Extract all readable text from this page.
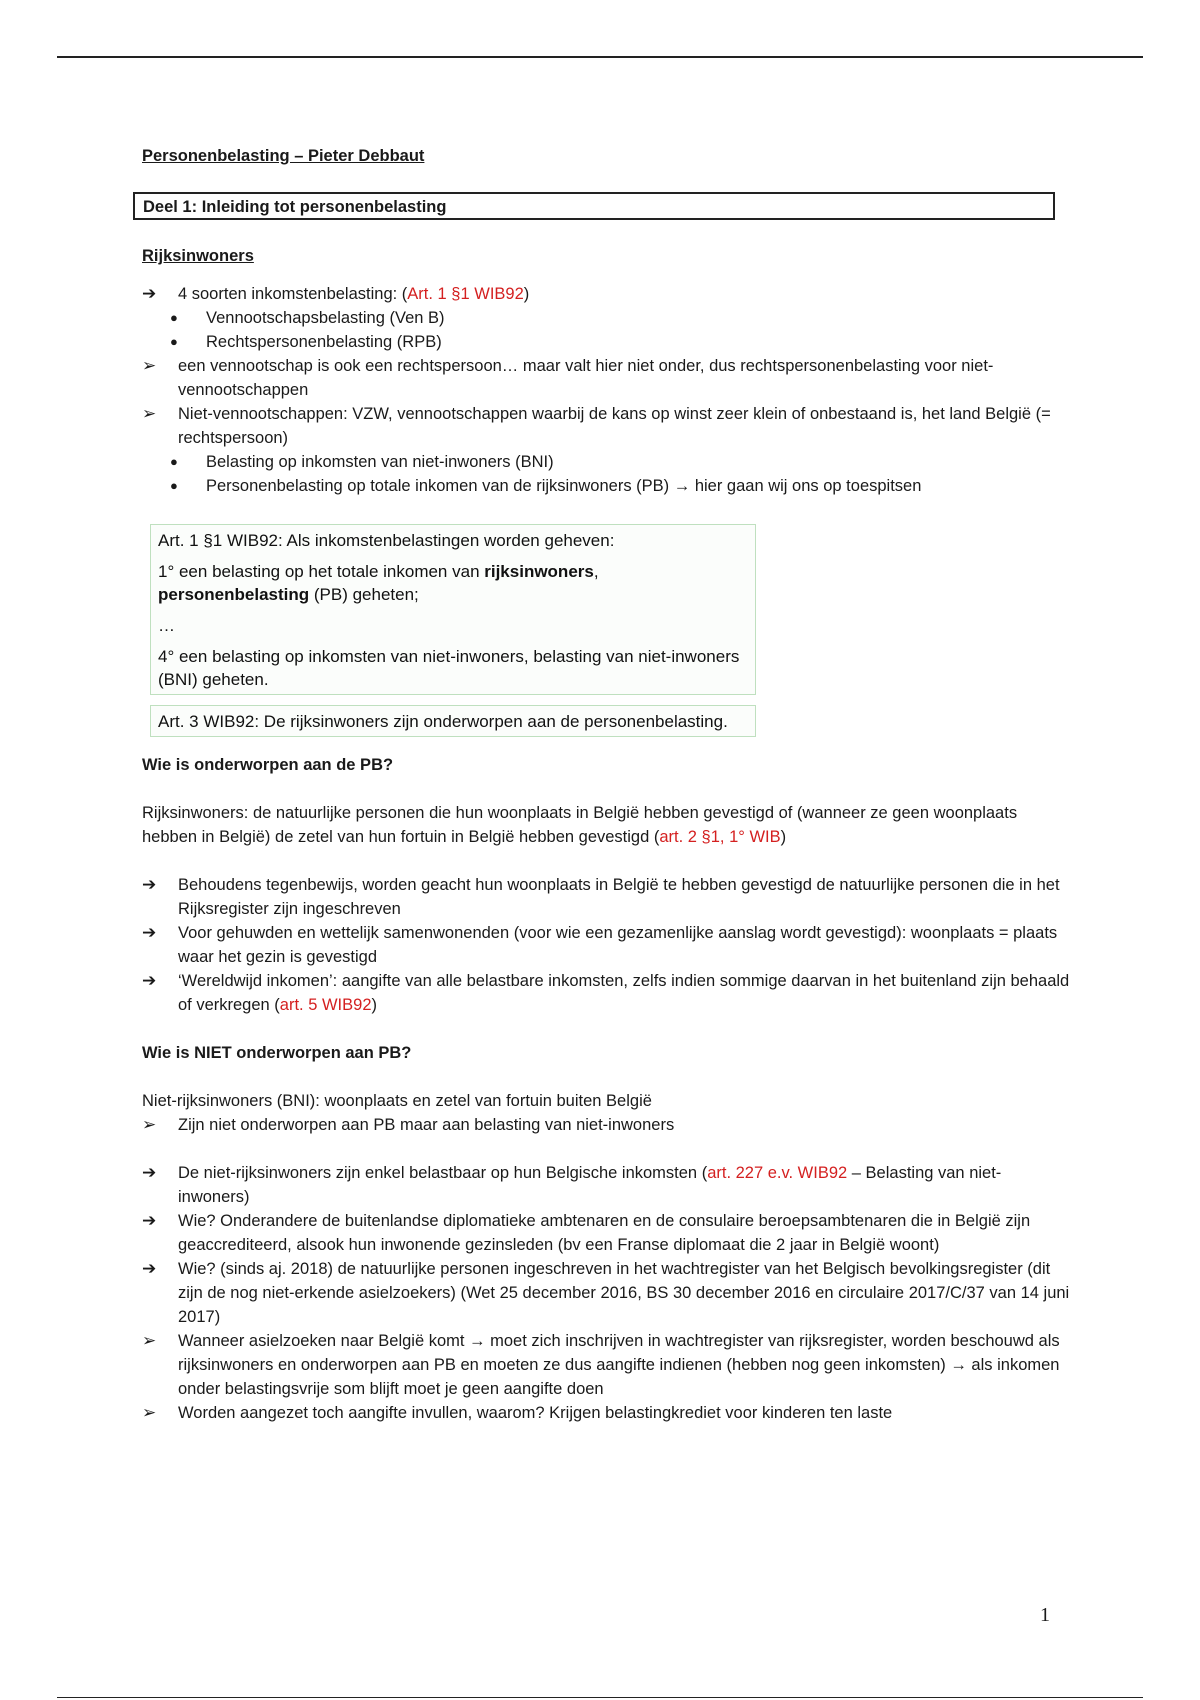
Personenbelasting – Pieter Debbaut
Deel 1: Inleiding tot personenbelasting
Rijksinwoners
➔	4 soorten inkomstenbelasting: (Art. 1 §1 WIB92)
●	Vennootschapsbelasting (Ven B)
●	Rechtspersonenbelasting (RPB)
➢	een vennootschap is ook een rechtspersoon… maar valt hier niet onder, dus rechtspersonenbelasting voor niet-vennootschappen
➢	Niet-vennootschappen: VZW, vennootschappen waarbij de kans op winst zeer klein of onbestaand is, het land België (= rechtspersoon)
●	Belasting op inkomsten van niet-inwoners (BNI)
●	Personenbelasting op totale inkomen van de rijksinwoners (PB) → hier gaan wij ons op toespitsen

Art. 1 §1 WIB92: Als inkomstenbelastingen worden geheven:

1° een belasting op het totale inkomen van rijksinwoners,
personenbelasting (PB) geheten;

…

4° een belasting op inkomsten van niet-inwoners, belasting van niet-inwoners (BNI) geheten.

Art. 3 WIB92: De rijksinwoners zijn onderworpen aan de personenbelasting.

Wie is onderworpen aan de PB?
Rijksinwoners: de natuurlijke personen die hun woonplaats in België hebben gevestigd of (wanneer ze geen woonplaats hebben in België) de zetel van hun fortuin in België hebben gevestigd (art. 2 §1, 1° WIB)
➔	Behoudens tegenbewijs, worden geacht hun woonplaats in België te hebben gevestigd de natuurlijke personen die in het Rijksregister zijn ingeschreven
➔	Voor gehuwden en wettelijk samenwonenden (voor wie een gezamenlijke aanslag wordt gevestigd): woonplaats = plaats waar het gezin is gevestigd
➔	‘Wereldwijd inkomen’: aangifte van alle belastbare inkomsten, zelfs indien sommige daarvan in het buitenland zijn behaald of verkregen (art. 5 WIB92)
Wie is NIET onderworpen aan PB?
Niet-rijksinwoners (BNI): woonplaats en zetel van fortuin buiten België
➢	Zijn niet onderworpen aan PB maar aan belasting van niet-inwoners
➔	De niet-rijksinwoners zijn enkel belastbaar op hun Belgische inkomsten (art. 227 e.v. WIB92 – Belasting van niet-inwoners)
➔	Wie? Onderandere de buitenlandse diplomatieke ambtenaren en de consulaire beroepsambtenaren die in België zijn geaccrediteerd, alsook hun inwonende gezinsleden (bv een Franse diplomaat die 2 jaar in België woont)
➔	Wie? (sinds aj. 2018) de natuurlijke personen ingeschreven in het wachtregister van het Belgisch bevolkingsregister (dit zijn de nog niet-erkende asielzoekers) (Wet 25 december 2016, BS 30 december 2016 en circulaire 2017/C/37 van 14 juni 2017)
➢	Wanneer asielzoeken naar België komt → moet zich inschrijven in wachtregister van rijksregister, worden beschouwd als rijksinwoners en onderworpen aan PB en moeten ze dus aangifte indienen (hebben nog geen inkomsten) → als inkomen onder belastingsvrije som blijft moet je geen aangifte doen
➢	Worden aangezet toch aangifte invullen, waarom? Krijgen belastingkrediet voor kinderen ten laste
1
